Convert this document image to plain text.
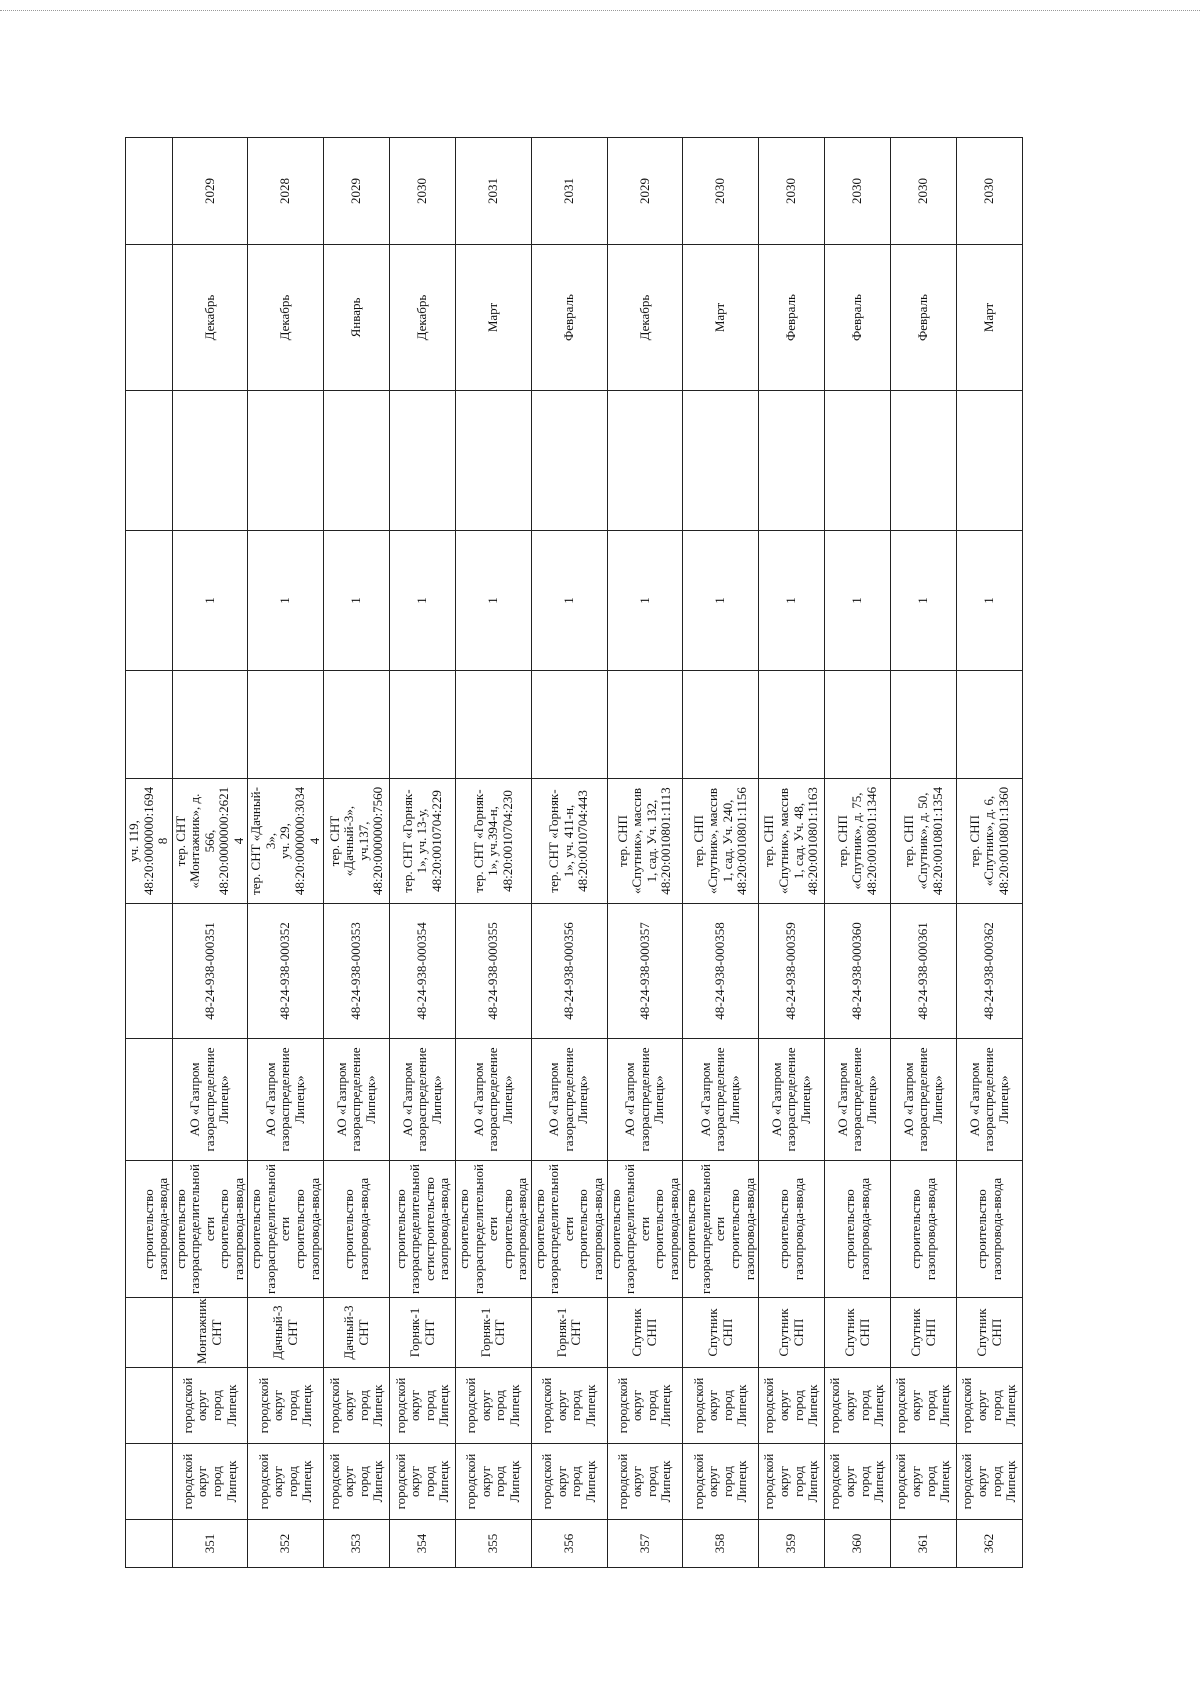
				строительство
газопровода-ввода			уч. 119,
48:20:0000000:1694
8					
351	городской округ
город Липецк	городской округ
город Липецк	Монтажник
СНТ	строительство
газораспределительной
сети
строительство
газопровода-ввода	АО «Газпром
газораспределение
Липецк»	48-24-938-000351	тер. СНТ
«Монтажник», д.
566,
48:20:0000000:2621
4		1		Декабрь	2029
352	городской округ
город Липецк	городской округ
город Липецк	Дачный-3 СНТ	строительство
газораспределительной
сети
строительство
газопровода-ввода	АО «Газпром
газораспределение
Липецк»	48-24-938-000352	тер. СНТ «Дачный-
3»,
уч. 29,
48:20:0000000:3034
4		1		Декабрь	2028
353	городской округ
город Липецк	городской округ
город Липецк	Дачный-3 СНТ	строительство
газопровода-ввода	АО «Газпром
газораспределение
Липецк»	48-24-938-000353	тер. СНТ
«Дачный-3»,
уч.137,
48:20:0000000:7560		1		Январь	2029
354	городской округ
город Липецк	городской округ
город Липецк	Горняк-1 СНТ	строительство
газораспределительной
сетистроительство
газопровода-ввода	АО «Газпром
газораспределение
Липецк»	48-24-938-000354	тер. СНТ «Горняк-
1», уч. 13-у,
48:20:0010704:229		1		Декабрь	2030
355	городской округ
город Липецк	городской округ
город Липецк	Горняк-1 СНТ	строительство
газораспределительной
сети
строительство
газопровода-ввода	АО «Газпром
газораспределение
Липецк»	48-24-938-000355	тер. СНТ «Горняк-
1», уч.394-н,
48:20:0010704:230		1		Март	2031
356	городской округ
город Липецк	городской округ
город Липецк	Горняк-1 СНТ	строительство
газораспределительной
сети
строительство
газопровода-ввода	АО «Газпром
газораспределение
Липецк»	48-24-938-000356	тер. СНТ «Горняк-
1», уч. 411-н,
48:20:0010704:443		1		Февраль	2031
357	городской округ
город Липецк	городской округ
город Липецк	Спутник СНП	строительство
газораспределительной
сети
строительство
газопровода-ввода	АО «Газпром
газораспределение
Липецк»	48-24-938-000357	тер. СНП
«Спутник», массив
1, сад. Уч. 132,
48:20:0010801:1113		1		Декабрь	2029
358	городской округ
город Липецк	городской округ
город Липецк	Спутник СНП	строительство
газораспределительной
сети
строительство
газопровода-ввода	АО «Газпром
газораспределение
Липецк»	48-24-938-000358	тер. СНП
«Спутник», массив
1, сад. Уч. 240,
48:20:0010801:1156		1		Март	2030
359	городской округ
город Липецк	городской округ
город Липецк	Спутник СНП	строительство
газопровода-ввода	АО «Газпром
газораспределение
Липецк»	48-24-938-000359	тер. СНП
«Спутник», массив
1, сад. Уч. 48,
48:20:0010801:1163		1		Февраль	2030
360	городской округ
город Липецк	городской округ
город Липецк	Спутник СНП	строительство
газопровода-ввода	АО «Газпром
газораспределение
Липецк»	48-24-938-000360	тер. СНП
«Спутник», д. 75,
48:20:0010801:1346		1		Февраль	2030
361	городской округ
город Липецк	городской округ
город Липецк	Спутник СНП	строительство
газопровода-ввода	АО «Газпром
газораспределение
Липецк»	48-24-938-000361	тер. СНП
«Спутник», д. 50,
48:20:0010801:1354		1		Февраль	2030
362	городской округ
город Липецк	городской округ
город Липецк	Спутник СНП	строительство
газопровода-ввода	АО «Газпром
газораспределение
Липецк»	48-24-938-000362	тер. СНП
«Спутник», д. 6,
48:20:0010801:1360		1		Март	2030
